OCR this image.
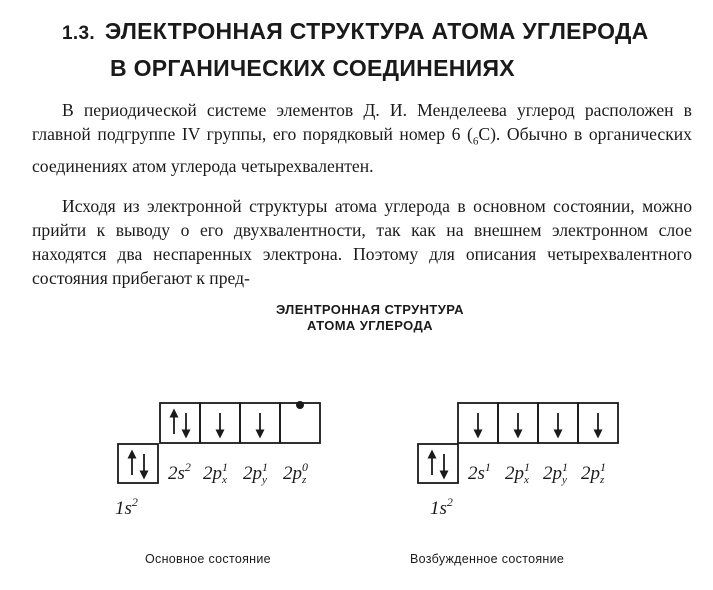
1.3. ЭЛЕКТРОННАЯ СТРУКТУРА АТОМА УГЛЕРОДА
В ОРГАНИЧЕСКИХ СОЕДИНЕНИЯХ

В периодической системе элементов Д. И. Менделеева углерод расположен в главной подгруппе IV группы, его порядковый номер 6 $(_6С)$. Обычно в органических соединениях атом углерода четырехвалентен.

Исходя из электронной структуры атома углерода в основном состоянии, можно прийти к выводу о его двухвалентности, так как на внешнем электронном слое находятся два неспаренных электрона. Поэтому для описания четырехвалентного состояния прибегают к пред-

ЭЛЕНТРОННАЯ СТРУНТУРА
АТОМА УГЛЕРОДА
$1s^2$
$2s^2$ $2p^1_x$ $2p^1_y$ $2p^0_z$
$1s^2$
$2s^1$ $2p^1_x$ $2p^1_y$ $2p^1_z$
Основное состояние	Возбужденное состояние
